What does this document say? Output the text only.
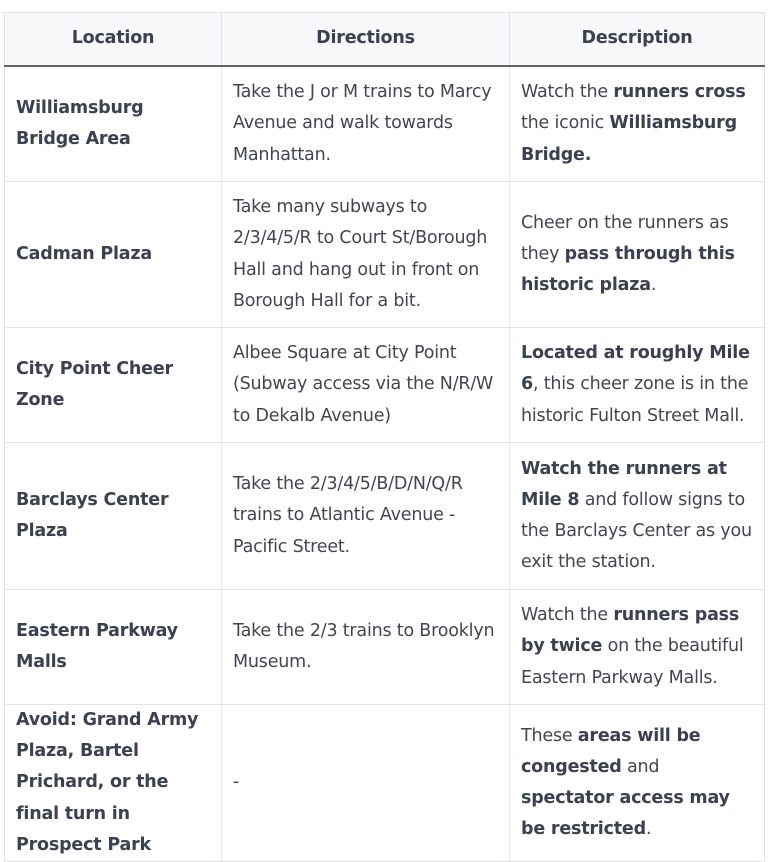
Location	Directions	Description
Williamsburg Bridge Area	Take the J or M trains to Marcy Avenue and walk towards Manhattan.	Watch the runners cross the iconic Williamsburg Bridge.
Cadman Plaza	Take many subways to 2/3/4/5/R to Court St/Borough Hall and hang out in front on Borough Hall for a bit.	Cheer on the runners as they pass through this historic plaza.
City Point Cheer Zone	Albee Square at City Point (Subway access via the N/R/W to Dekalb Avenue)	Located at roughly Mile 6, this cheer zone is in the historic Fulton Street Mall.
Barclays Center Plaza	Take the 2/3/4/5/B/D/N/Q/R trains to Atlantic Avenue - Pacific Street.	Watch the runners at Mile 8 and follow signs to the Barclays Center as you exit the station.
Eastern Parkway Malls	Take the 2/3 trains to Brooklyn Museum.	Watch the runners pass by twice on the beautiful Eastern Parkway Malls.
Avoid: Grand Army Plaza, Bartel Prichard, or the final turn in Prospect Park	-	These areas will be congested and spectator access may be restricted.
